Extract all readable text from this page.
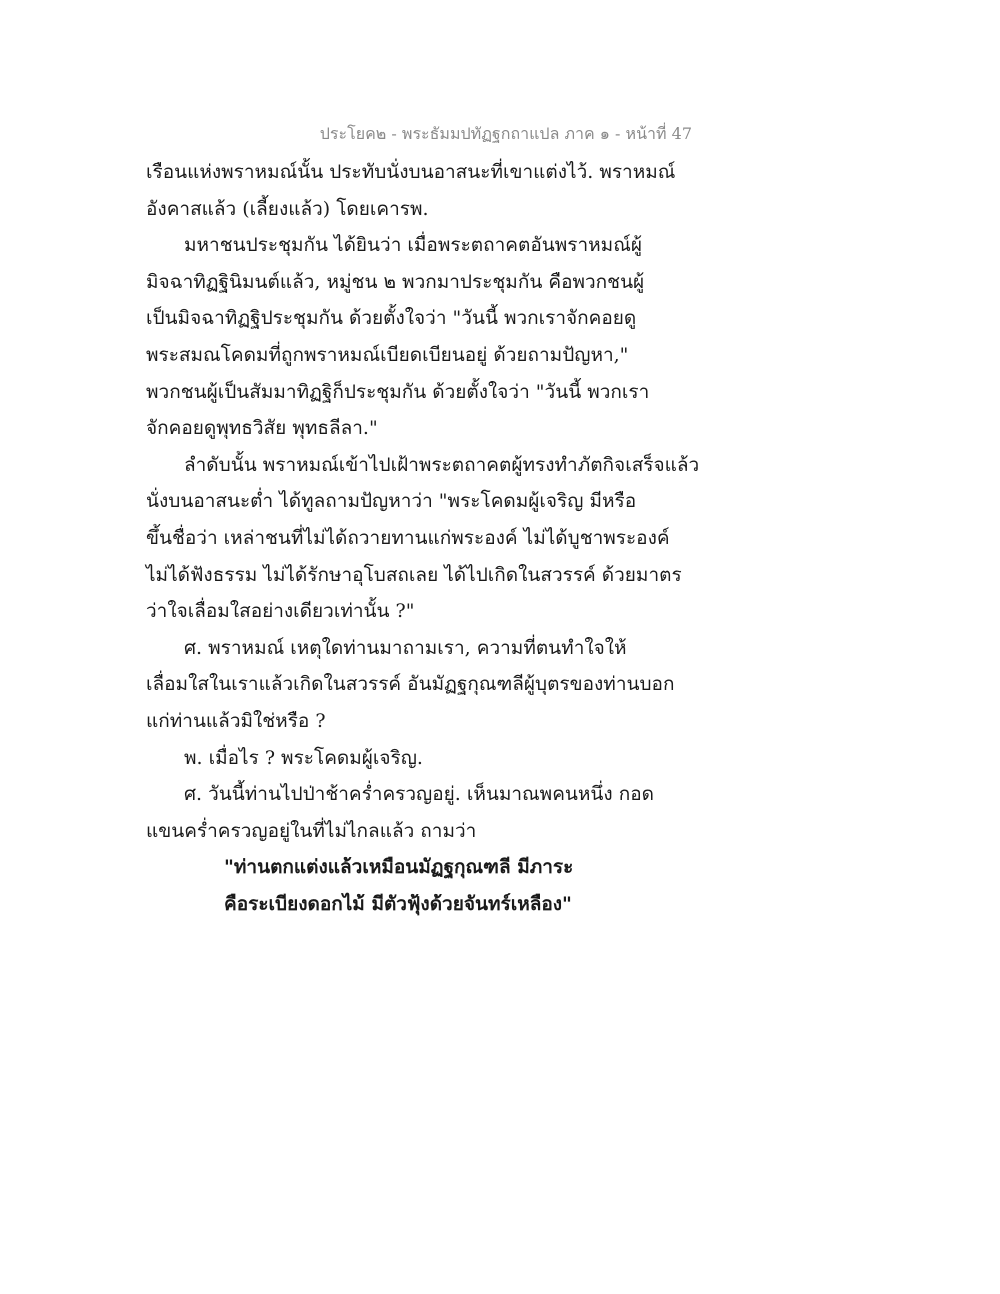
ประโยค๒ - พระธัมมปทัฏฐกถาแปล ภาค ๑ - หน้าที่ 47
เรือนแห่งพราหมณ์นั้น ประทับนั่งบนอาสนะที่เขาแต่งไว้. พราหมณ์
อังคาสแล้ว (เลี้ยงแล้ว) โดยเคารพ.
มหาชนประชุมกัน ได้ยินว่า เมื่อพระตถาคตอันพราหมณ์ผู้
มิจฉาทิฏฐินิมนต์แล้ว, หมู่ชน ๒ พวกมาประชุมกัน คือพวกชนผู้
เป็นมิจฉาทิฏฐิประชุมกัน ด้วยตั้งใจว่า "วันนี้ พวกเราจักคอยดู
พระสมณโคดมที่ถูกพราหมณ์เบียดเบียนอยู่ ด้วยถามปัญหา,"
พวกชนผู้เป็นสัมมาทิฏฐิก็ประชุมกัน ด้วยตั้งใจว่า "วันนี้ พวกเรา
จักคอยดูพุทธวิสัย พุทธลีลา."
ลำดับนั้น พราหมณ์เข้าไปเฝ้าพระตถาคตผู้ทรงทำภัตกิจเสร็จแล้ว
นั่งบนอาสนะต่ำ ได้ทูลถามปัญหาว่า "พระโคดมผู้เจริญ มีหรือ
ขึ้นชื่อว่า เหล่าชนที่ไม่ได้ถวายทานแก่พระองค์ ไม่ได้บูชาพระองค์
ไม่ได้ฟังธรรม ไม่ได้รักษาอุโบสถเลย ได้ไปเกิดในสวรรค์ ด้วยมาตร
ว่าใจเลื่อมใสอย่างเดียวเท่านั้น ?"
ศ. พราหมณ์ เหตุใดท่านมาถามเรา, ความที่ตนทำใจให้
เลื่อมใสในเราแล้วเกิดในสวรรค์ อันมัฏฐกุณฑลีผู้บุตรของท่านบอก
แก่ท่านแล้วมิใช่หรือ ?
พ. เมื่อไร ? พระโคดมผู้เจริญ.
ศ. วันนี้ท่านไปป่าช้าคร่ำครวญอยู่. เห็นมาณพคนหนึ่ง กอด
แขนคร่ำครวญอยู่ในที่ไม่ไกลแล้ว ถามว่า
"ท่านตกแต่งแล้วเหมือนมัฏฐกุณฑลี มีภาระ
คือระเบียงดอกไม้ มีตัวฟุ้งด้วยจันทร์เหลือง"
